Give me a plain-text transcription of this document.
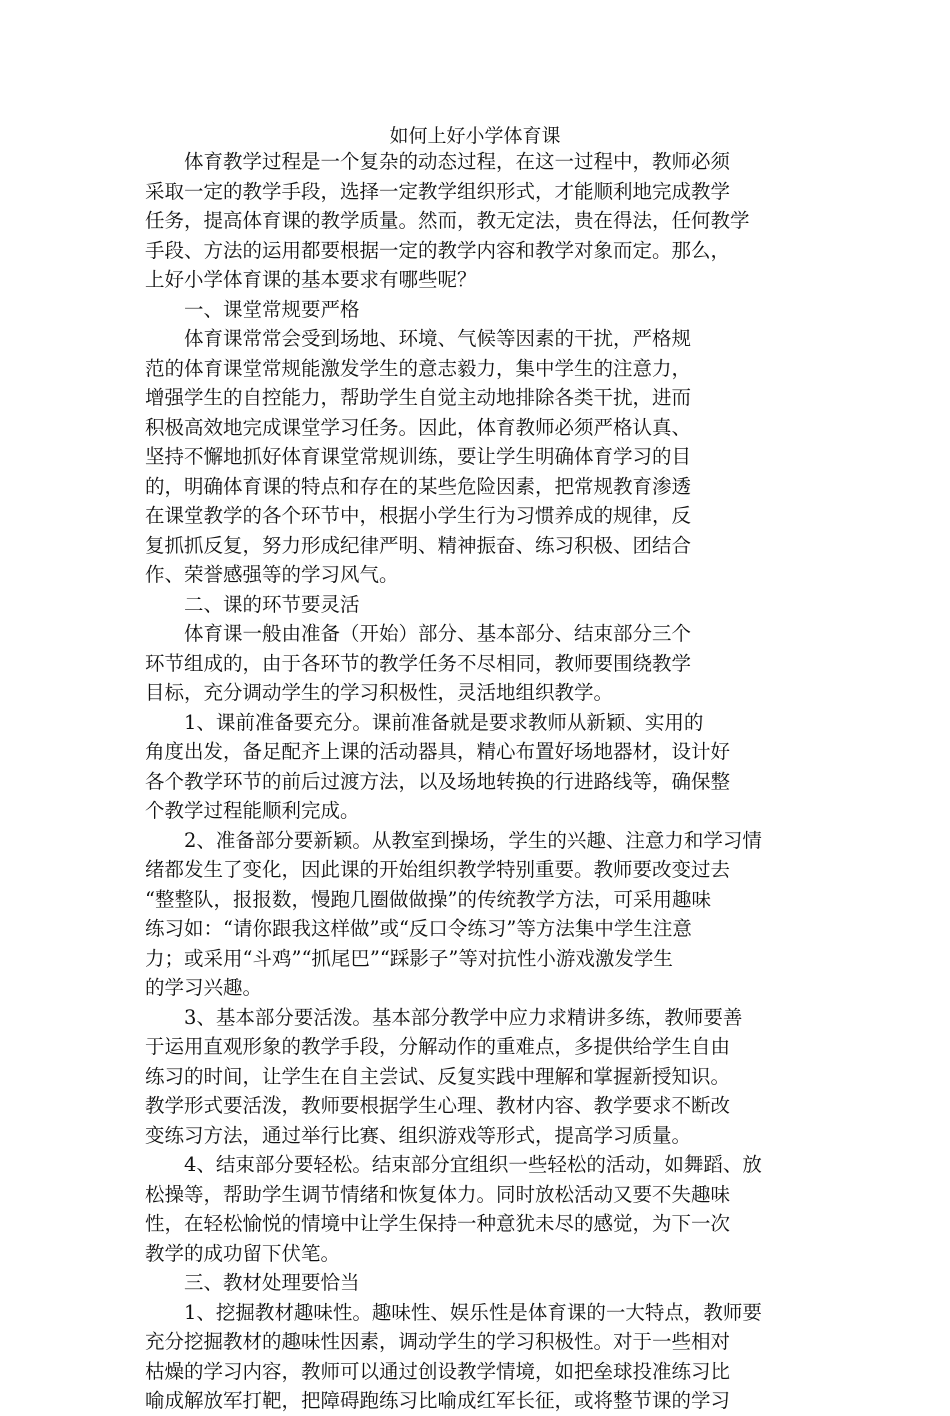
如何上好小学体育课
　　体育教学过程是一个复杂的动态过程，在这一过程中，教师必须
采取一定的教学手段，选择一定教学组织形式，才能顺利地完成教学
任务，提高体育课的教学质量。然而，教无定法，贵在得法，任何教学
手段、方法的运用都要根据一定的教学内容和教学对象而定。那么，
上好小学体育课的基本要求有哪些呢？
　　一、课堂常规要严格
　　体育课常常会受到场地、环境、气候等因素的干扰，严格规
范的体育课堂常规能激发学生的意志毅力，集中学生的注意力，
增强学生的自控能力，帮助学生自觉主动地排除各类干扰，进而
积极高效地完成课堂学习任务。因此，体育教师必须严格认真、
坚持不懈地抓好体育课堂常规训练，要让学生明确体育学习的目
的，明确体育课的特点和存在的某些危险因素，把常规教育渗透
在课堂教学的各个环节中，根据小学生行为习惯养成的规律，反
复抓抓反复，努力形成纪律严明、精神振奋、练习积极、团结合
作、荣誉感强等的学习风气。
　　二、课的环节要灵活
　　体育课一般由准备（开始）部分、基本部分、结束部分三个
环节组成的，由于各环节的教学任务不尽相同，教师要围绕教学
目标，充分调动学生的学习积极性，灵活地组织教学。
　　1、课前准备要充分。课前准备就是要求教师从新颖、实用的
角度出发，备足配齐上课的活动器具，精心布置好场地器材，设计好
各个教学环节的前后过渡方法，以及场地转换的行进路线等，确保整
个教学过程能顺利完成。
　　2、准备部分要新颖。从教室到操场，学生的兴趣、注意力和学习情
绪都发生了变化，因此课的开始组织教学特别重要。教师要改变过去
“整整队，报报数，慢跑几圈做做操”的传统教学方法，可采用趣味
练习如：“请你跟我这样做”或“反口令练习”等方法集中学生注意
力；或采用“斗鸡”“抓尾巴”“踩影子”等对抗性小游戏激发学生
的学习兴趣。
　　3、基本部分要活泼。基本部分教学中应力求精讲多练，教师要善
于运用直观形象的教学手段，分解动作的重难点，多提供给学生自由
练习的时间，让学生在自主尝试、反复实践中理解和掌握新授知识。
教学形式要活泼，教师要根据学生心理、教材内容、教学要求不断改
变练习方法，通过举行比赛、组织游戏等形式，提高学习质量。
　　4、结束部分要轻松。结束部分宜组织一些轻松的活动，如舞蹈、放
松操等，帮助学生调节情绪和恢复体力。同时放松活动又要不失趣味
性，在轻松愉悦的情境中让学生保持一种意犹未尽的感觉，为下一次
教学的成功留下伏笔。
　　三、教材处理要恰当
　　1、挖掘教材趣味性。趣味性、娱乐性是体育课的一大特点，教师要
充分挖掘教材的趣味性因素，调动学生的学习积极性。对于一些相对
枯燥的学习内容，教师可以通过创设教学情境，如把垒球投准练习比
喻成解放军打靶，把障碍跑练习比喻成红军长征，或将整节课的学习
